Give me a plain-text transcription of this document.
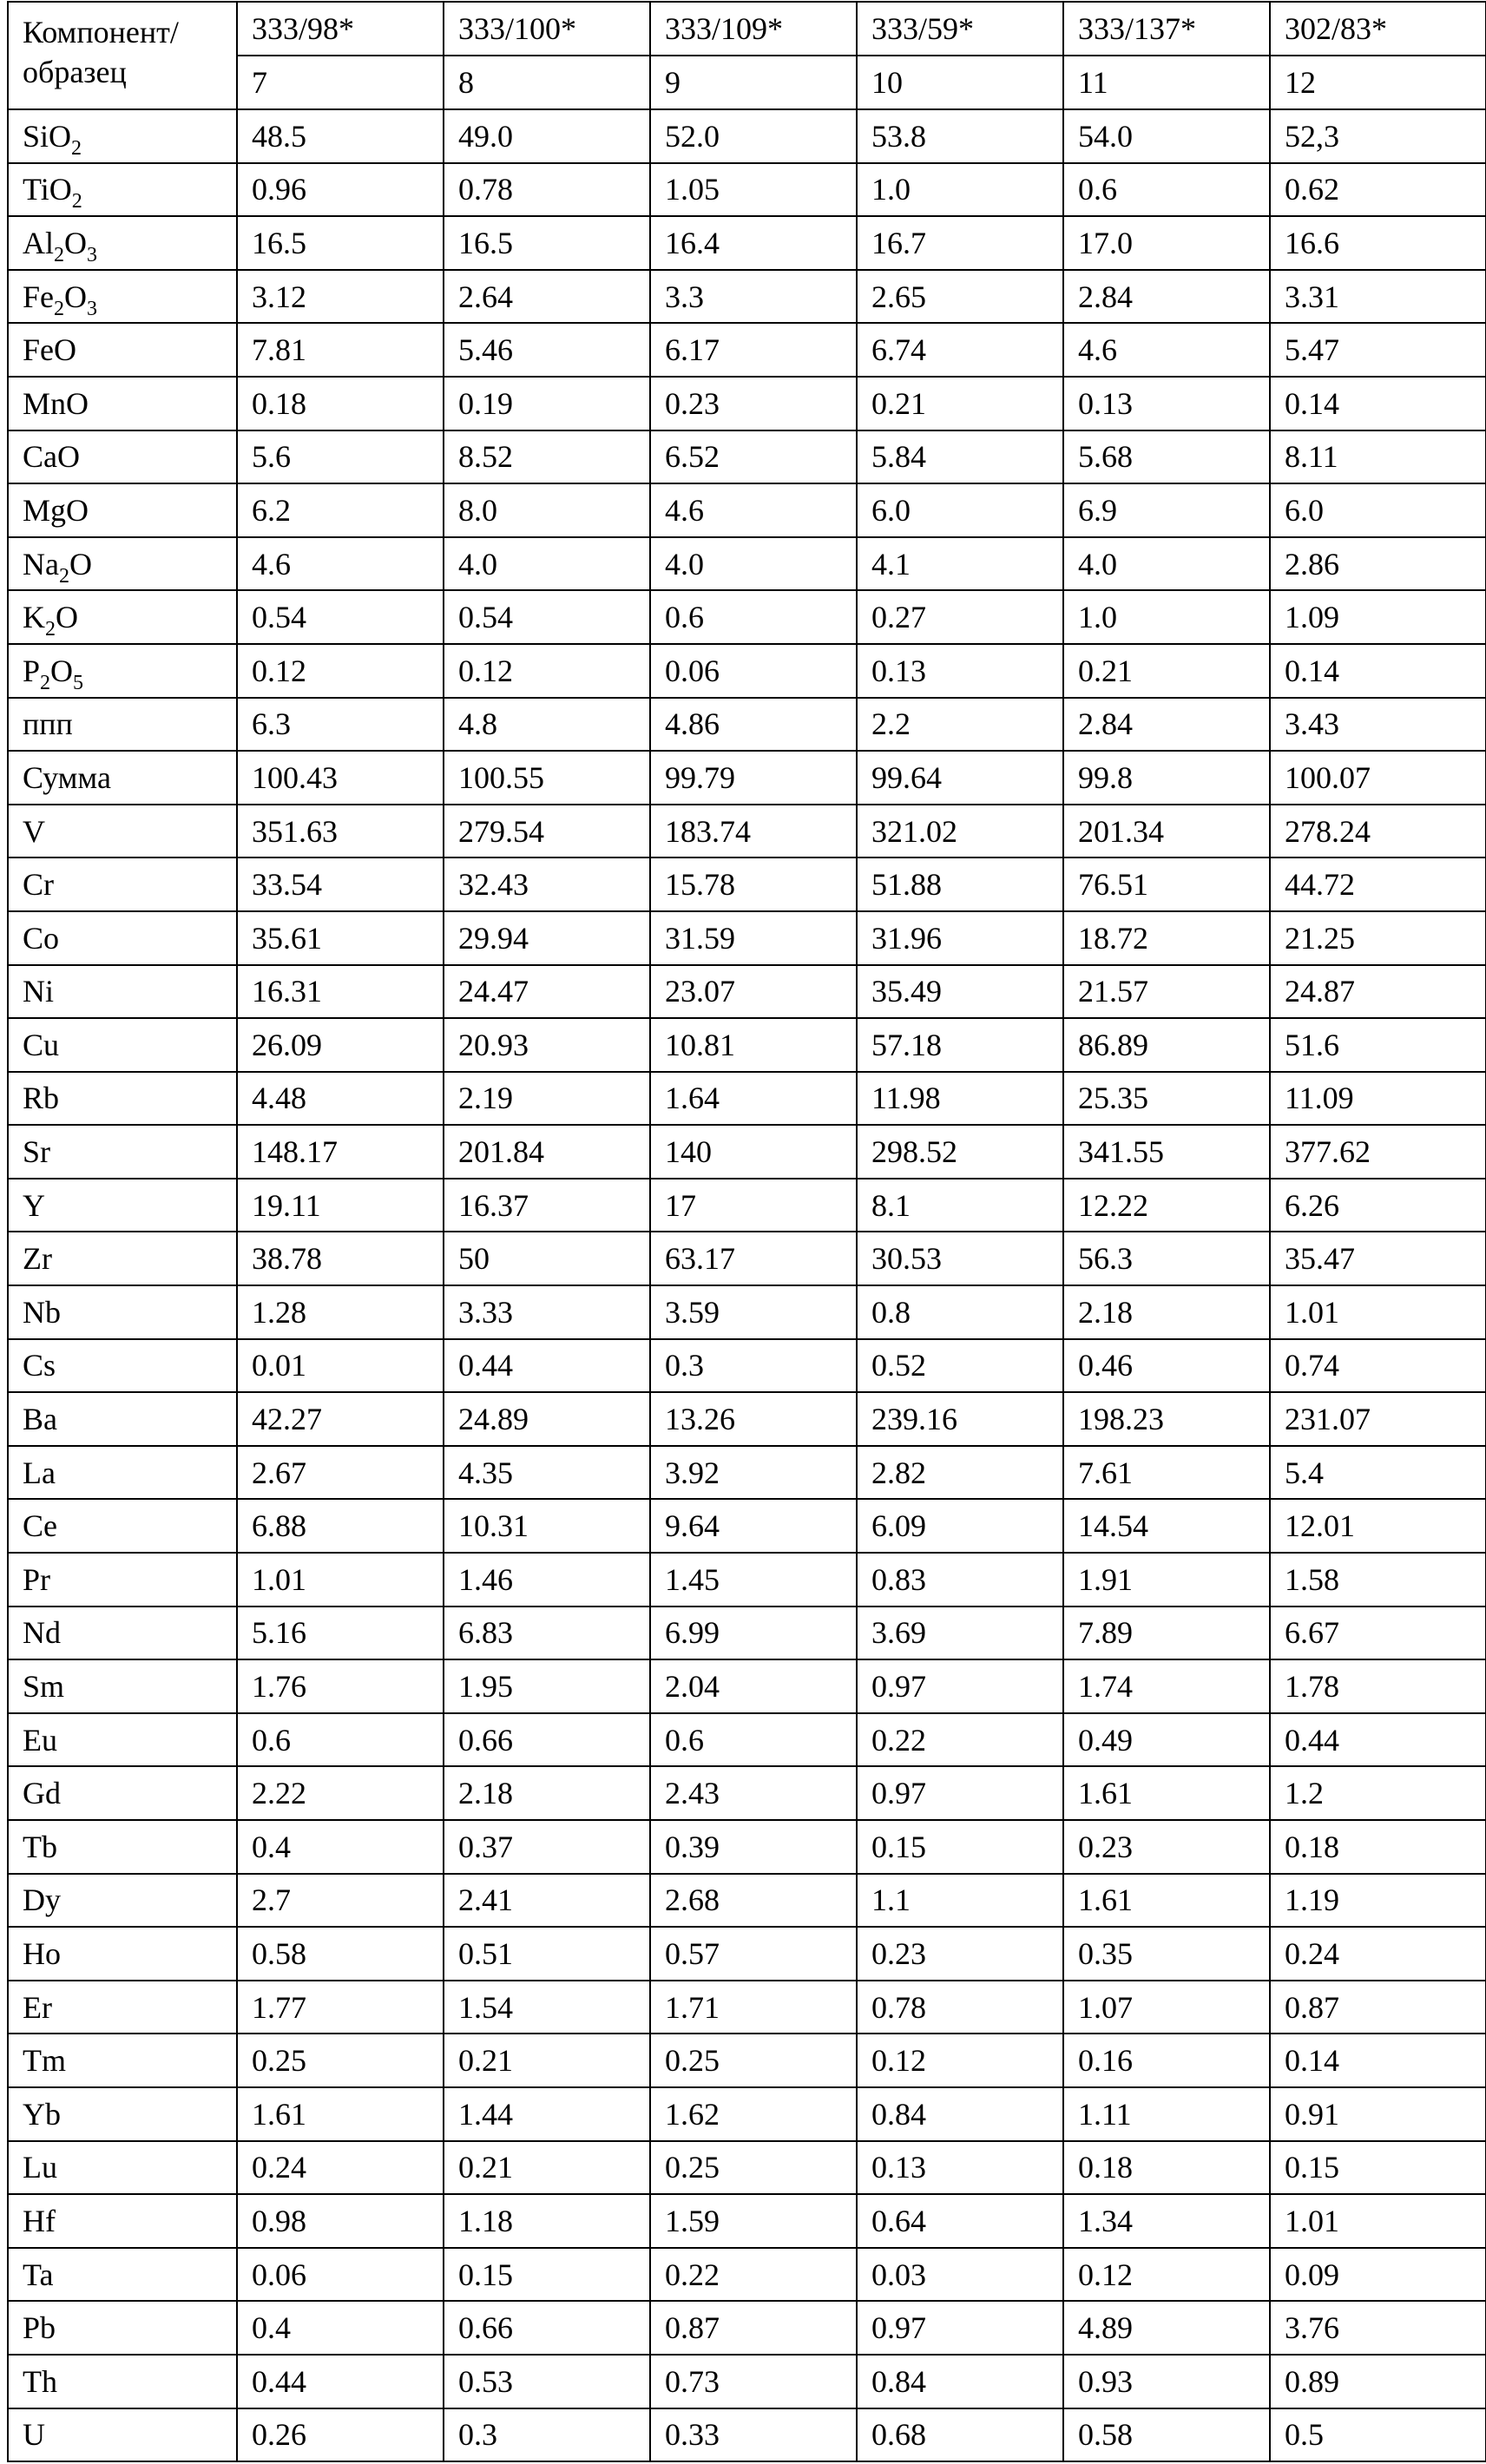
Компонент/ образец	333/98*	333/100*	333/109*	333/59*	333/137*	302/83*
	7	8	9	10	11	12
SiO$_2$	48.5	49.0	52.0	53.8	54.0	52,3
TiO$_2$	0.96	0.78	1.05	1.0	0.6	0.62
$Al_2O_3$	16.5	16.5	16.4	16.7	17.0	16.6
$Fe_2O_3$	3.12	2.64	3.3	2.65	2.84	3.31
FeO	7.81	5.46	6.17	6.74	4.6	5.47
MnO	0.18	0.19	0.23	0.21	0.13	0.14
CaO	5.6	8.52	6.52	5.84	5.68	8.11
MgO	6.2	8.0	4.6	6.0	6.9	6.0
$Na_2O$	4.6	4.0	4.0	4.1	4.0	2.86
$K_2O$	0.54	0.54	0.6	0.27	1.0	1.09
$P_2O_5$	0.12	0.12	0.06	0.13	0.21	0.14
ппп	6.3	4.8	4.86	2.2	2.84	3.43
Сумма	100.43	100.55	99.79	99.64	99.8	100.07
V	351.63	279.54	183.74	321.02	201.34	278.24
Cr	33.54	32.43	15.78	51.88	76.51	44.72
Co	35.61	29.94	31.59	31.96	18.72	21.25
Ni	16.31	24.47	23.07	35.49	21.57	24.87
Cu	26.09	20.93	10.81	57.18	86.89	51.6
Rb	4.48	2.19	1.64	11.98	25.35	11.09
Sr	148.17	201.84	140	298.52	341.55	377.62
Y	19.11	16.37	17	8.1	12.22	6.26
Zr	38.78	50	63.17	30.53	56.3	35.47
Nb	1.28	3.33	3.59	0.8	2.18	1.01
Cs	0.01	0.44	0.3	0.52	0.46	0.74
Ba	42.27	24.89	13.26	239.16	198.23	231.07
La	2.67	4.35	3.92	2.82	7.61	5.4
Ce	6.88	10.31	9.64	6.09	14.54	12.01
Pr	1.01	1.46	1.45	0.83	1.91	1.58
Nd	5.16	6.83	6.99	3.69	7.89	6.67
Sm	1.76	1.95	2.04	0.97	1.74	1.78
Eu	0.6	0.66	0.6	0.22	0.49	0.44
Gd	2.22	2.18	2.43	0.97	1.61	1.2
Tb	0.4	0.37	0.39	0.15	0.23	0.18
Dy	2.7	2.41	2.68	1.1	1.61	1.19
Ho	0.58	0.51	0.57	0.23	0.35	0.24
Er	1.77	1.54	1.71	0.78	1.07	0.87
Tm	0.25	0.21	0.25	0.12	0.16	0.14
Yb	1.61	1.44	1.62	0.84	1.11	0.91
Lu	0.24	0.21	0.25	0.13	0.18	0.15
Hf	0.98	1.18	1.59	0.64	1.34	1.01
Ta	0.06	0.15	0.22	0.03	0.12	0.09
Pb	0.4	0.66	0.87	0.97	4.89	3.76
Th	0.44	0.53	0.73	0.84	0.93	0.89
U	0.26	0.3	0.33	0.68	0.58	0.5
